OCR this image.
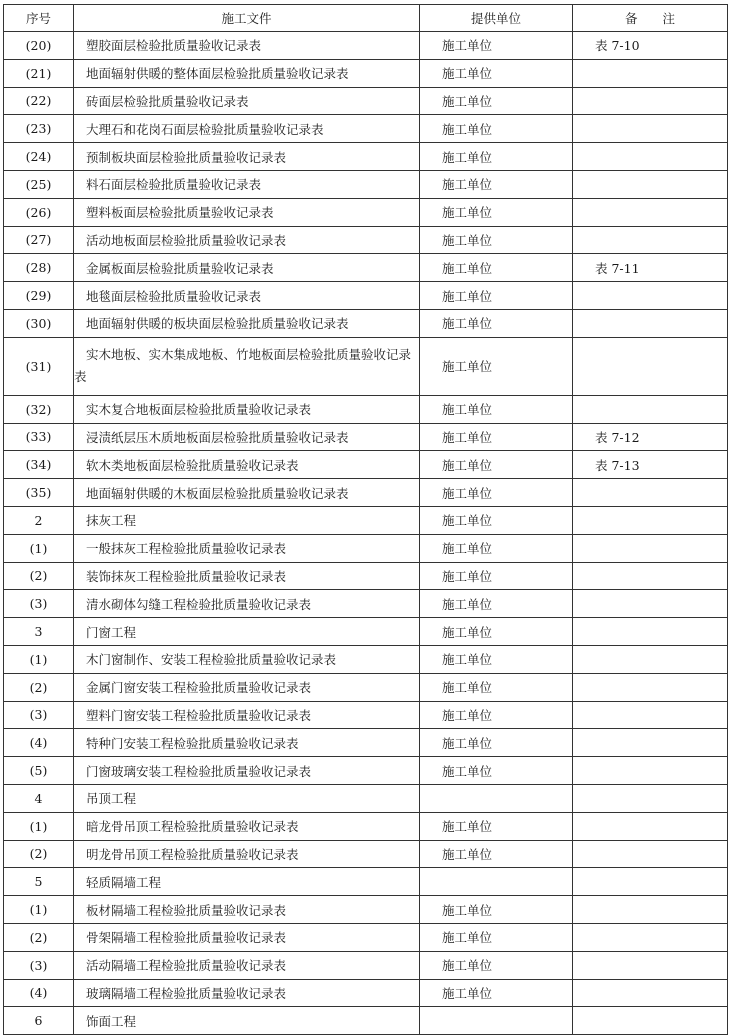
序号	施工文件	提供单位	备　　注
(20)	塑胶面层检验批质量验收记录表	施工单位	表 7-10
(21)	地面辐射供暖的整体面层检验批质量验收记录表	施工单位	
(22)	砖面层检验批质量验收记录表	施工单位	
(23)	大理石和花岗石面层检验批质量验收记录表	施工单位	
(24)	预制板块面层检验批质量验收记录表	施工单位	
(25)	料石面层检验批质量验收记录表	施工单位	
(26)	塑料板面层检验批质量验收记录表	施工单位	
(27)	活动地板面层检验批质量验收记录表	施工单位	
(28)	金属板面层检验批质量验收记录表	施工单位	表 7-11
(29)	地毯面层检验批质量验收记录表	施工单位	
(30)	地面辐射供暖的板块面层检验批质量验收记录表	施工单位	
(31)	实木地板、实木集成地板、竹地板面层检验批质量验收记录表	施工单位	
(32)	实木复合地板面层检验批质量验收记录表	施工单位	
(33)	浸渍纸层压木质地板面层检验批质量验收记录表	施工单位	表 7-12
(34)	软木类地板面层检验批质量验收记录表	施工单位	表 7-13
(35)	地面辐射供暖的木板面层检验批质量验收记录表	施工单位	
2	抹灰工程	施工单位	
(1)	一般抹灰工程检验批质量验收记录表	施工单位	
(2)	装饰抹灰工程检验批质量验收记录表	施工单位	
(3)	清水砌体勾缝工程检验批质量验收记录表	施工单位	
3	门窗工程	施工单位	
(1)	木门窗制作、安装工程检验批质量验收记录表	施工单位	
(2)	金属门窗安装工程检验批质量验收记录表	施工单位	
(3)	塑料门窗安装工程检验批质量验收记录表	施工单位	
(4)	特种门安装工程检验批质量验收记录表	施工单位	
(5)	门窗玻璃安装工程检验批质量验收记录表	施工单位	
4	吊顶工程		
(1)	暗龙骨吊顶工程检验批质量验收记录表	施工单位	
(2)	明龙骨吊顶工程检验批质量验收记录表	施工单位	
5	轻质隔墙工程		
(1)	板材隔墙工程检验批质量验收记录表	施工单位	
(2)	骨架隔墙工程检验批质量验收记录表	施工单位	
(3)	活动隔墙工程检验批质量验收记录表	施工单位	
(4)	玻璃隔墙工程检验批质量验收记录表	施工单位	
6	饰面工程		
